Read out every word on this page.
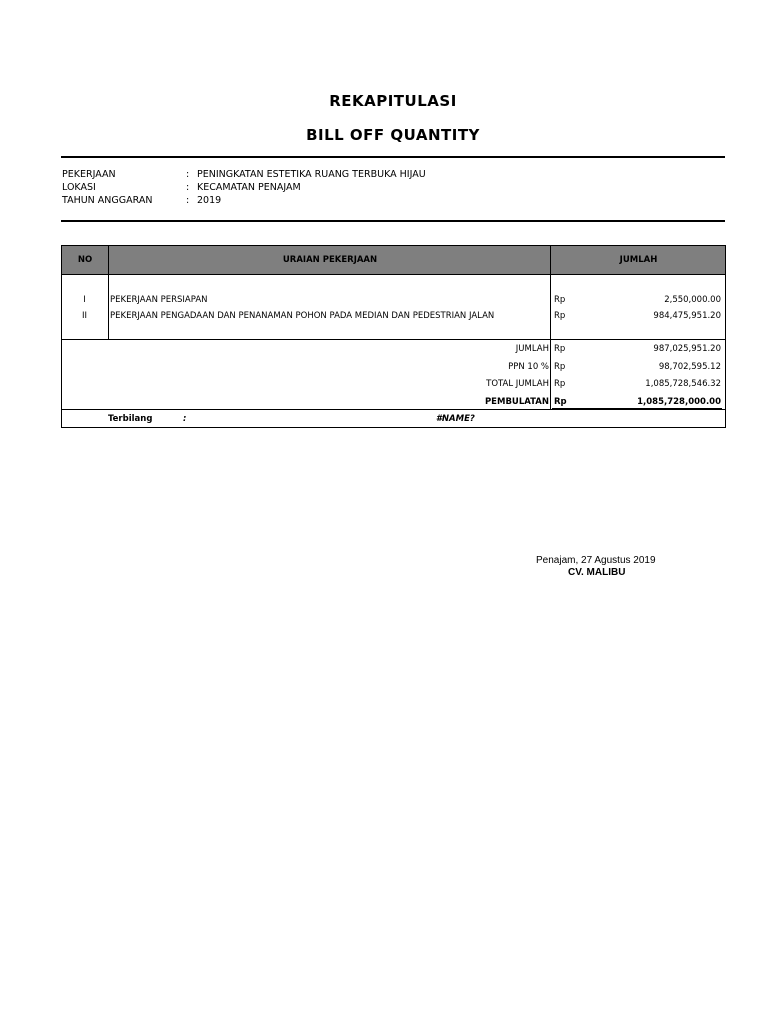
REKAPITULASI
BILL OFF QUANTITY
PEKERJAAN	: PENINGKATAN ESTETIKA RUANG TERBUKA HIJAU
LOKASI	: KECAMATAN PENAJAM
TAHUN ANGGARAN	: 2019
NO	URAIAN PEKERJAAN	JUMLAH
I	PEKERJAAN PERSIAPAN	Rp	2,550,000.00
II	PEKERJAAN PENGADAAN DAN PENANAMAN POHON PADA MEDIAN DAN PEDESTRIAN JALAN	Rp	984,475,951.20
JUMLAH Rp	987,025,951.20
PPN 10 % Rp	98,702,595.12
TOTAL JUMLAH Rp	1,085,728,546.32
PEMBULATAN Rp	1,085,728,000.00
Terbilang	:	#NAME?
Penajam, 27 Agustus 2019
CV. MALIBU
